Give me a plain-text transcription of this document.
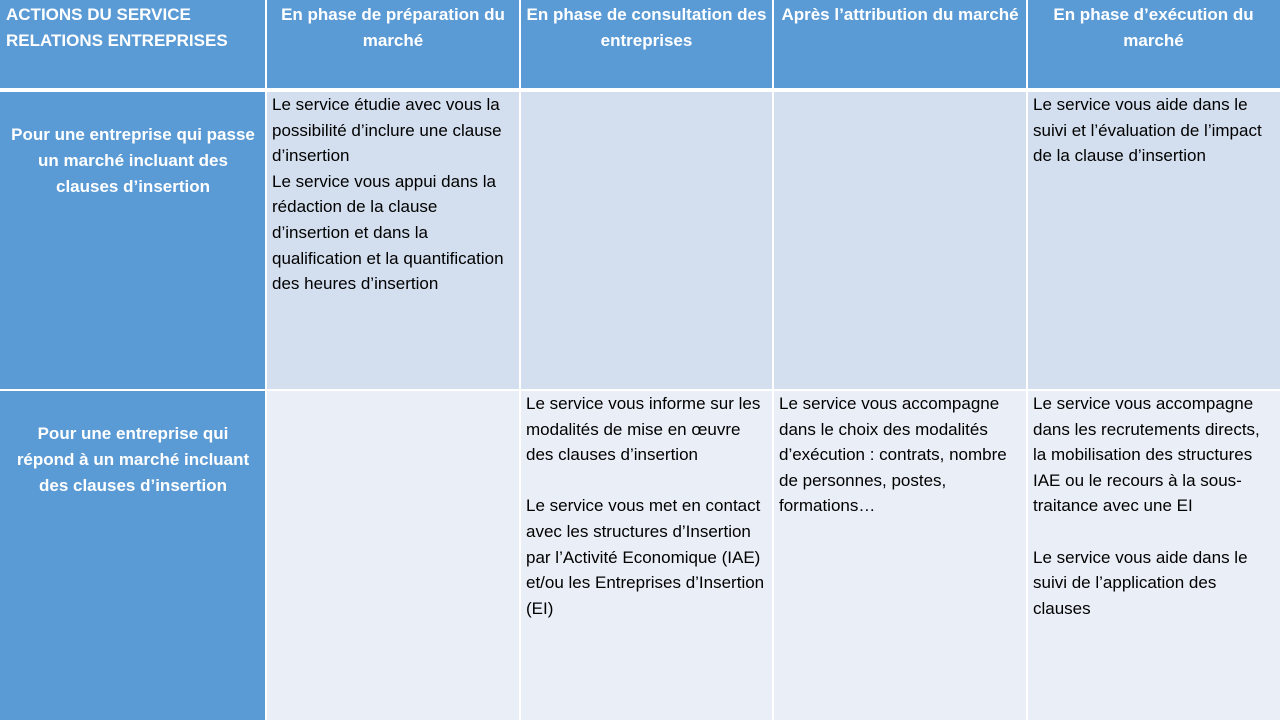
ACTIONS DU SERVICE RELATIONS ENTREPRISES
En phase de préparation du marché
En phase de consultation des entreprises
Après l’attribution du marché	En phase d’exécution du marché
Pour une entreprise qui passe un marché incluant des clauses d’insertion

Le service étudie avec vous la possibilité d’inclure une clause d’insertion

Le service vous appui dans la rédaction de la clause d’insertion et dans la qualification et la quantification des heures d’insertion

Le service vous aide dans le suivi et l’évaluation de l’impact de la clause d’insertion

Pour une entreprise qui répond à un marché incluant des clauses d’insertion

Le service vous informe sur les modalités de mise en œuvre des clauses d’insertion

Le service vous met en contact avec les structures d’Insertion par l’Activité Economique (IAE) et/ou les Entreprises d’Insertion (EI)

Le service vous accompagne dans le choix des modalités d’exécution : contrats, nombre de personnes, postes, formations…

Le service vous accompagne dans les recrutements directs, la mobilisation des structures IAE ou le recours à la sous-traitance avec une EI

Le service vous aide dans le suivi de l’application des clauses
